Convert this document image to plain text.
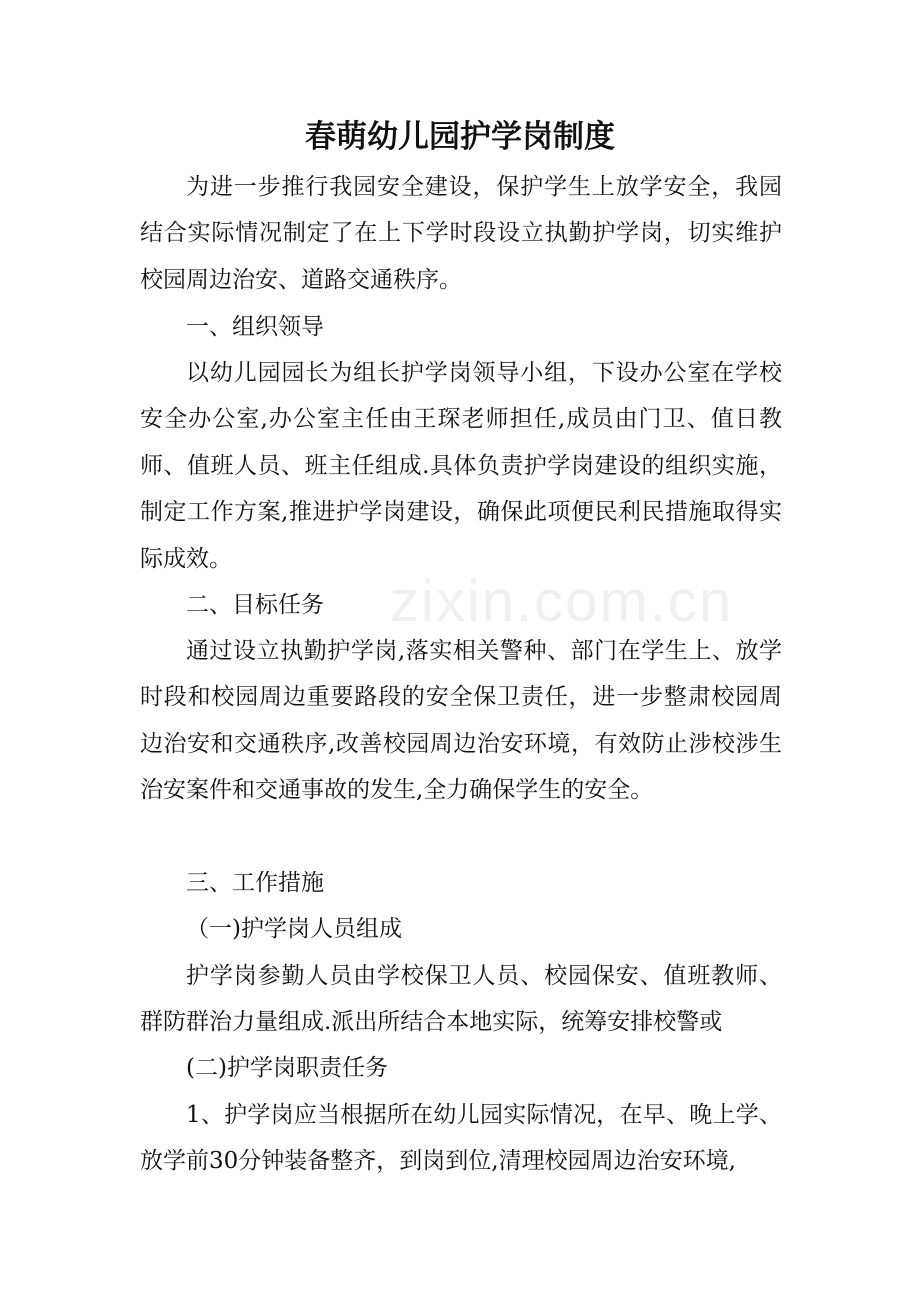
zixin.com.cn
春萌幼儿园护学岗制度
为进一步推行我园安全建设，保护学生上放学安全，我园结合实际情况制定了在上下学时段设立执勤护学岗，切实维护校园周边治安、道路交通秩序。
一、组织领导
以幼儿园园长为组长护学岗领导小组，下设办公室在学校安全办公室,办公室主任由王琛老师担任,成员由门卫、值日教师、值班人员、班主任组成.具体负责护学岗建设的组织实施，制定工作方案,推进护学岗建设，确保此项便民利民措施取得实际成效。
二、目标任务
通过设立执勤护学岗,落实相关警种、部门在学生上、放学时段和校园周边重要路段的安全保卫责任，进一步整肃校园周边治安和交通秩序,改善校园周边治安环境，有效防止涉校涉生治安案件和交通事故的发生,全力确保学生的安全。
三、工作措施
（一)护学岗人员组成
护学岗参勤人员由学校保卫人员、校园保安、值班教师、群防群治力量组成.派出所结合本地实际，统筹安排校警或
(二)护学岗职责任务
1、护学岗应当根据所在幼儿园实际情况，在早、晚上学、放学前30分钟装备整齐，到岗到位,清理校园周边治安环境,
